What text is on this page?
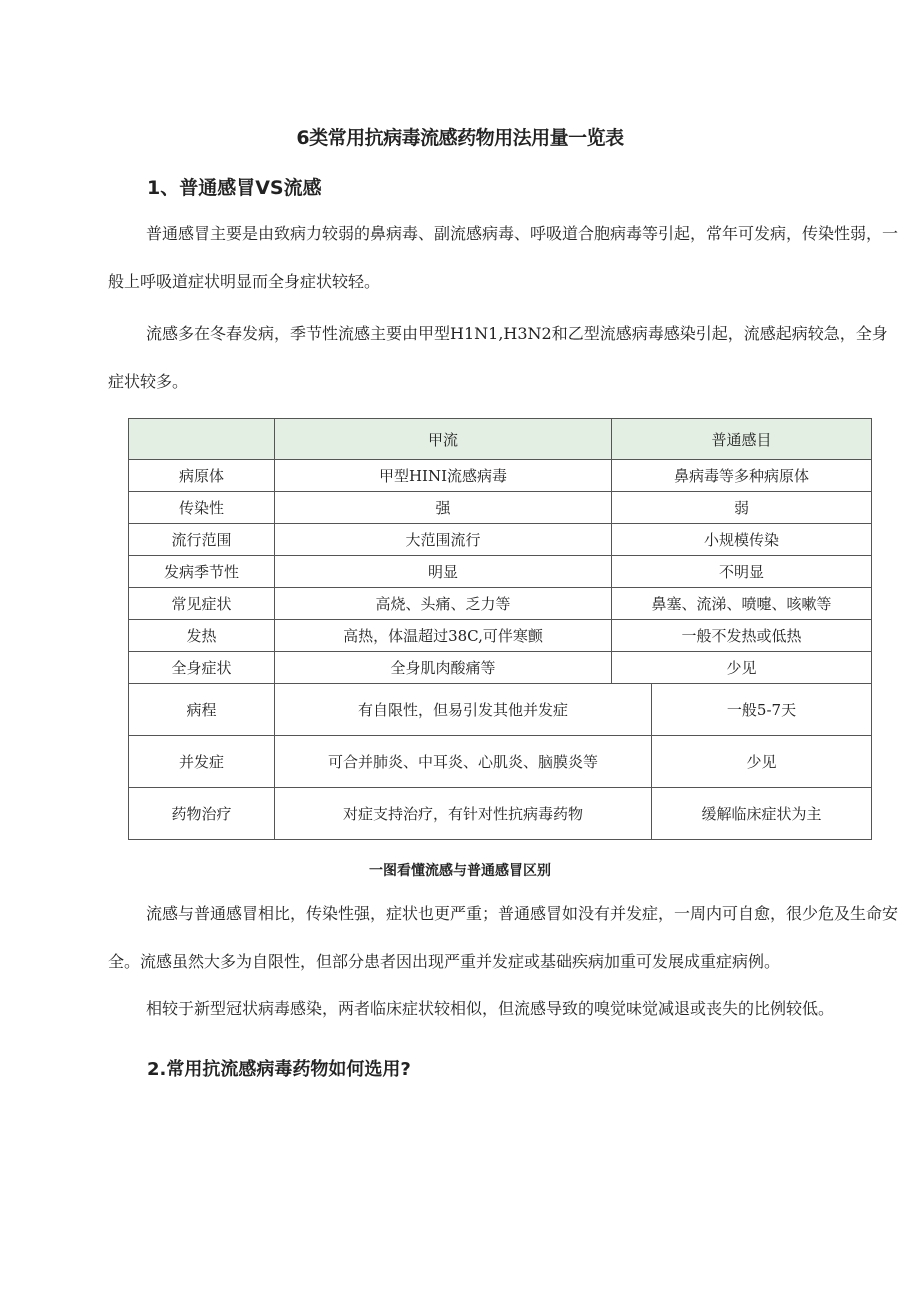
6类常用抗病毒流感药物用法用量一览表
1、普通感冒VS流感

普通感冒主要是由致病力较弱的鼻病毒、副流感病毒、呼吸道合胞病毒等引起，常年可发病，传染性弱，一般上呼吸道症状明显而全身症状较轻。

流感多在冬春发病，季节性流感主要由甲型H1N1,H3N2和乙型流感病毒感染引起，流感起病较急，全身症状较多。

	甲流	普通感目	
病原体	甲型HINI流感病毒	鼻病毒等多种病原体	
传染性	强	弱	
流行范围	大范围流行	小规模传染	
发病季节性	明显	不明显	
常见症状	高烧、头痛、乏力等	鼻塞、流涕、喷嚏、咳嗽等	
发热	高热，体温超过38C,可伴寒颤	一般不发热或低热	
全身症状	全身肌肉酸痛等	少见	
病程	有自限性，但易引发其他并发症		一般5-7天
并发症	可合并肺炎、中耳炎、心肌炎、脑膜炎等		少见
药物治疗	对症支持治疗，有针对性抗病毒药物		缓解临床症状为主
一图看懂流感与普通感冒区别

流感与普通感冒相比，传染性强，症状也更严重；普通感冒如没有并发症，一周内可自愈，很少危及生命安全。流感虽然大多为自限性，但部分患者因出现严重并发症或基础疾病加重可发展成重症病例。

相较于新型冠状病毒感染，两者临床症状较相似，但流感导致的嗅觉味觉减退或丧失的比例较低。

2.常用抗流感病毒药物如何选用?
